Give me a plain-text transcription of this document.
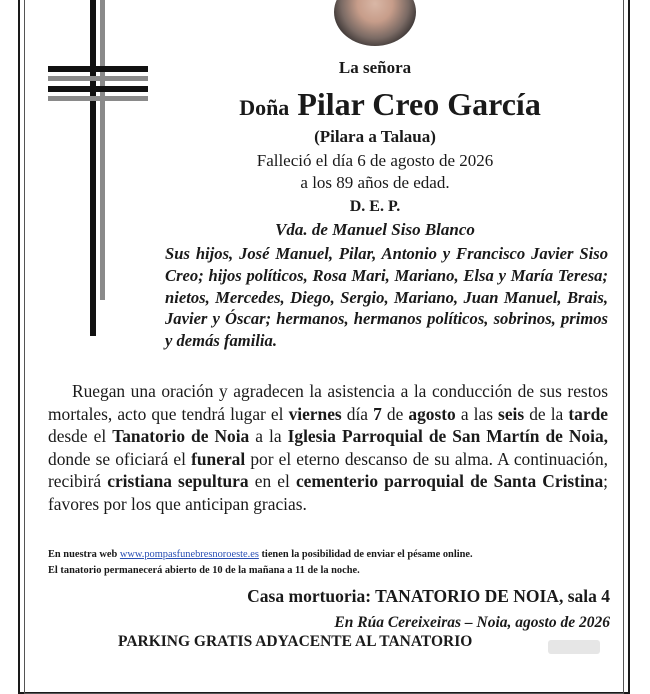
La señora
Doña Pilar Creo García
(Pilara a Talaua)
Falleció el día 6 de agosto de 2026
a los 89 años de edad.
D. E. P.
Vda. de Manuel Siso Blanco
Sus hijos, José Manuel, Pilar, Antonio y Francisco Javier Siso Creo; hijos políticos, Rosa Mari, Mariano, Elsa y María Teresa; nietos, Mercedes, Diego, Sergio, Mariano, Juan Manuel, Brais, Javier y Óscar; hermanos, hermanos políticos, sobrinos, primos y demás familia.
Ruegan una oración y agradecen la asistencia a la conducción de sus restos mortales, acto que tendrá lugar el viernes día 7 de agosto a las seis de la tarde desde el Tanatorio de Noia a la Iglesia Parroquial de San Martín de Noia, donde se oficiará el funeral por el eterno descanso de su alma. A continuación, recibirá cristiana sepultura en el cementerio parroquial de Santa Cristina; favores por los que anticipan gracias.
En nuestra web www.pompasfunebresnoroeste.es tienen la posibilidad de enviar el pésame online.
El tanatorio permanecerá abierto de 10 de la mañana a 11 de la noche.
Casa mortuoria: TANATORIO DE NOIA, sala 4
En Rúa Cereixeiras – Noia, agosto de 2026
PARKING GRATIS ADYACENTE AL TANATORIO
